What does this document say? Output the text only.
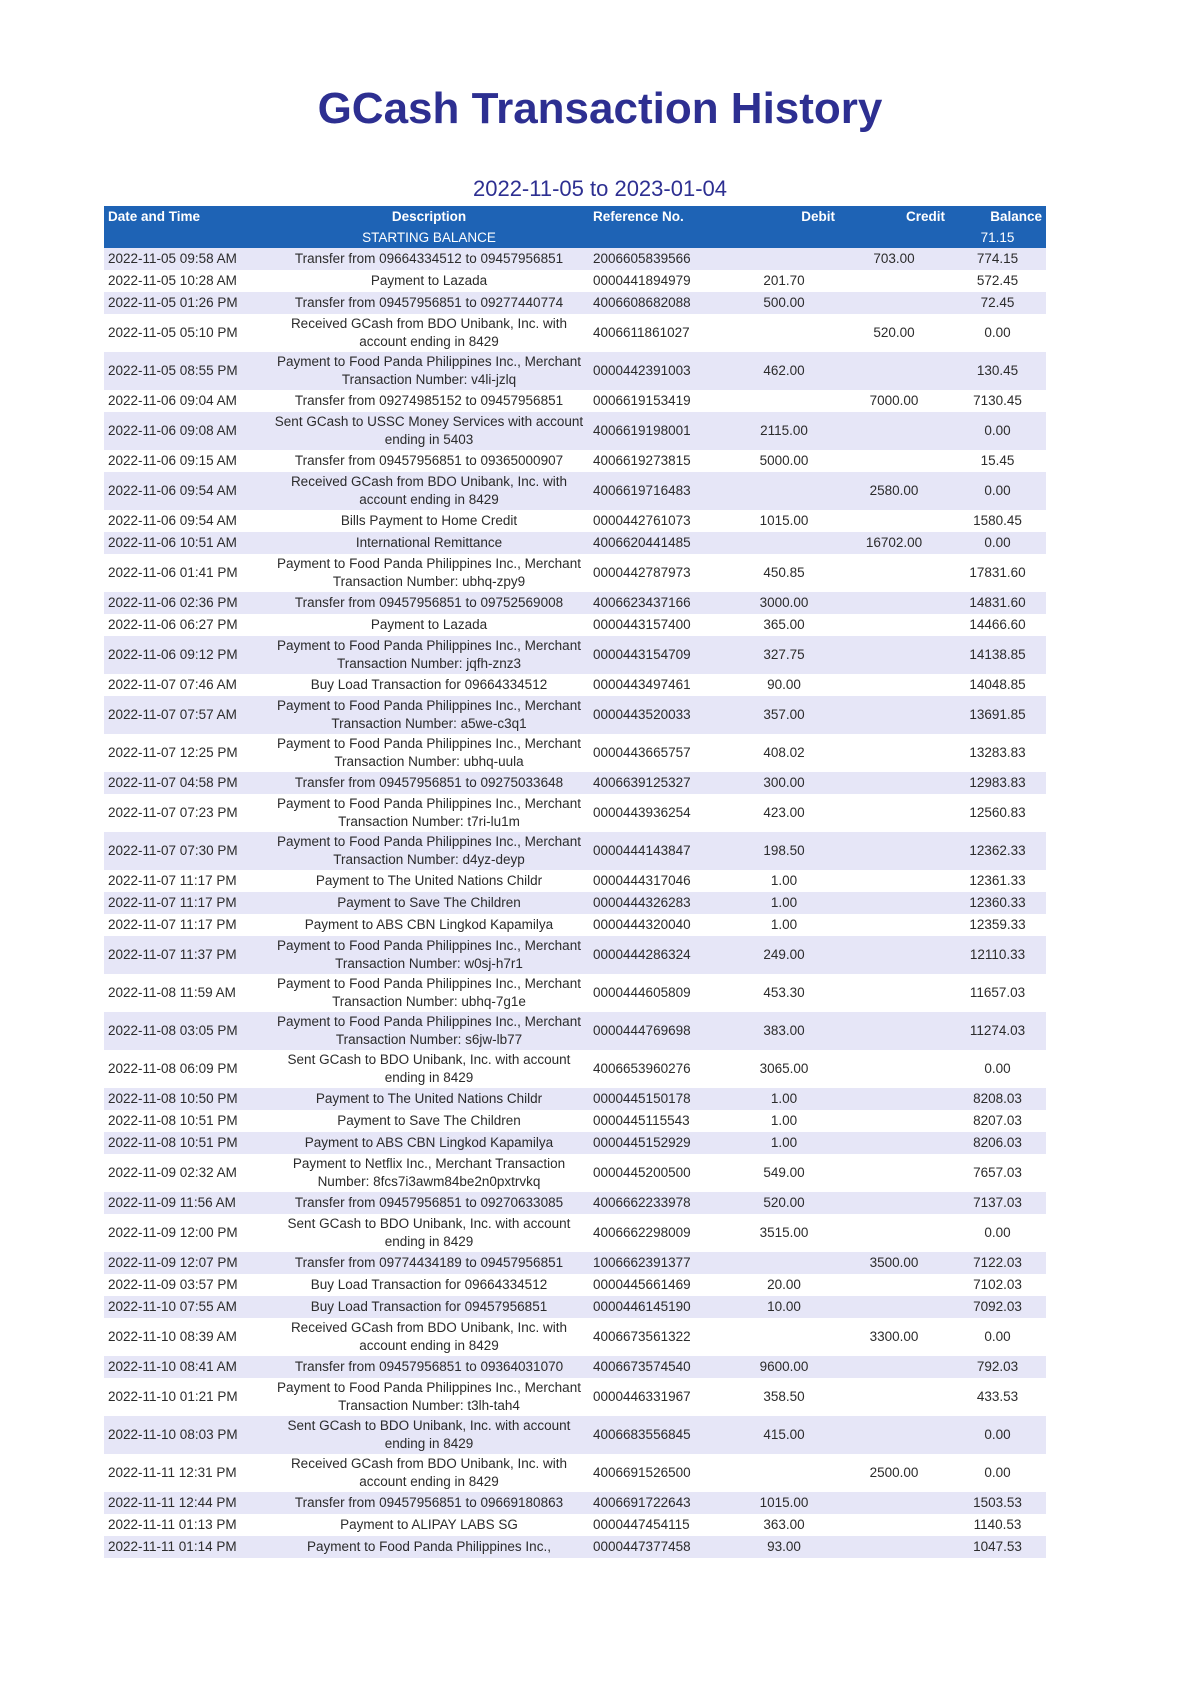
GCash Transaction History
2022-11-05 to 2023-01-04
Date and Time	Description	Reference No.	Debit	Credit	Balance
	STARTING BALANCE				71.15
2022-11-05 09:58 AM	Transfer from 09664334512 to 09457956851	2006605839566		703.00	774.15
2022-11-05 10:28 AM	Payment to Lazada	0000441894979	201.70		572.45
2022-11-05 01:26 PM	Transfer from 09457956851 to 09277440774	4006608682088	500.00		72.45
2022-11-05 05:10 PM	Received GCash from BDO Unibank, Inc. with account ending in 8429	4006611861027		520.00	0.00
2022-11-05 08:55 PM	Payment to Food Panda Philippines Inc., Merchant Transaction Number: v4li-jzlq	0000442391003	462.00		130.45
2022-11-06 09:04 AM	Transfer from 09274985152 to 09457956851	0006619153419		7000.00	7130.45
2022-11-06 09:08 AM	Sent GCash to USSC Money Services with account ending in 5403	4006619198001	2115.00		0.00
2022-11-06 09:15 AM	Transfer from 09457956851 to 09365000907	4006619273815	5000.00		15.45
2022-11-06 09:54 AM	Received GCash from BDO Unibank, Inc. with account ending in 8429	4006619716483		2580.00	0.00
2022-11-06 09:54 AM	Bills Payment to Home Credit	0000442761073	1015.00		1580.45
2022-11-06 10:51 AM	International Remittance	4006620441485		16702.00	0.00
2022-11-06 01:41 PM	Payment to Food Panda Philippines Inc., Merchant Transaction Number: ubhq-zpy9	0000442787973	450.85		17831.60
2022-11-06 02:36 PM	Transfer from 09457956851 to 09752569008	4006623437166	3000.00		14831.60
2022-11-06 06:27 PM	Payment to Lazada	0000443157400	365.00		14466.60
2022-11-06 09:12 PM	Payment to Food Panda Philippines Inc., Merchant Transaction Number: jqfh-znz3	0000443154709	327.75		14138.85
2022-11-07 07:46 AM	Buy Load Transaction for 09664334512	0000443497461	90.00		14048.85
2022-11-07 07:57 AM	Payment to Food Panda Philippines Inc., Merchant Transaction Number: a5we-c3q1	0000443520033	357.00		13691.85
2022-11-07 12:25 PM	Payment to Food Panda Philippines Inc., Merchant Transaction Number: ubhq-uula	0000443665757	408.02		13283.83
2022-11-07 04:58 PM	Transfer from 09457956851 to 09275033648	4006639125327	300.00		12983.83
2022-11-07 07:23 PM	Payment to Food Panda Philippines Inc., Merchant Transaction Number: t7ri-lu1m	0000443936254	423.00		12560.83
2022-11-07 07:30 PM	Payment to Food Panda Philippines Inc., Merchant Transaction Number: d4yz-deyp	0000444143847	198.50		12362.33
2022-11-07 11:17 PM	Payment to The United Nations Childr	0000444317046	1.00		12361.33
2022-11-07 11:17 PM	Payment to Save The Children	0000444326283	1.00		12360.33
2022-11-07 11:17 PM	Payment to ABS CBN Lingkod Kapamilya	0000444320040	1.00		12359.33
2022-11-07 11:37 PM	Payment to Food Panda Philippines Inc., Merchant Transaction Number: w0sj-h7r1	0000444286324	249.00		12110.33
2022-11-08 11:59 AM	Payment to Food Panda Philippines Inc., Merchant Transaction Number: ubhq-7g1e	0000444605809	453.30		11657.03
2022-11-08 03:05 PM	Payment to Food Panda Philippines Inc., Merchant Transaction Number: s6jw-lb77	0000444769698	383.00		11274.03
2022-11-08 06:09 PM	Sent GCash to BDO Unibank, Inc. with account ending in 8429	4006653960276	3065.00		0.00
2022-11-08 10:50 PM	Payment to The United Nations Childr	0000445150178	1.00		8208.03
2022-11-08 10:51 PM	Payment to Save The Children	0000445115543	1.00		8207.03
2022-11-08 10:51 PM	Payment to ABS CBN Lingkod Kapamilya	0000445152929	1.00		8206.03
2022-11-09 02:32 AM	Payment to Netflix Inc., Merchant Transaction Number: 8fcs7i3awm84be2n0pxtrvkq	0000445200500	549.00		7657.03
2022-11-09 11:56 AM	Transfer from 09457956851 to 09270633085	4006662233978	520.00		7137.03
2022-11-09 12:00 PM	Sent GCash to BDO Unibank, Inc. with account ending in 8429	4006662298009	3515.00		0.00
2022-11-09 12:07 PM	Transfer from 09774434189 to 09457956851	1006662391377		3500.00	7122.03
2022-11-09 03:57 PM	Buy Load Transaction for 09664334512	0000445661469	20.00		7102.03
2022-11-10 07:55 AM	Buy Load Transaction for 09457956851	0000446145190	10.00		7092.03
2022-11-10 08:39 AM	Received GCash from BDO Unibank, Inc. with account ending in 8429	4006673561322		3300.00	0.00
2022-11-10 08:41 AM	Transfer from 09457956851 to 09364031070	4006673574540	9600.00		792.03
2022-11-10 01:21 PM	Payment to Food Panda Philippines Inc., Merchant Transaction Number: t3lh-tah4	0000446331967	358.50		433.53
2022-11-10 08:03 PM	Sent GCash to BDO Unibank, Inc. with account ending in 8429	4006683556845	415.00		0.00
2022-11-11 12:31 PM	Received GCash from BDO Unibank, Inc. with account ending in 8429	4006691526500		2500.00	0.00
2022-11-11 12:44 PM	Transfer from 09457956851 to 09669180863	4006691722643	1015.00		1503.53
2022-11-11 01:13 PM	Payment to ALIPAY LABS SG	0000447454115	363.00		1140.53
2022-11-11 01:14 PM	Payment to Food Panda Philippines Inc.,	0000447377458	93.00		1047.53
